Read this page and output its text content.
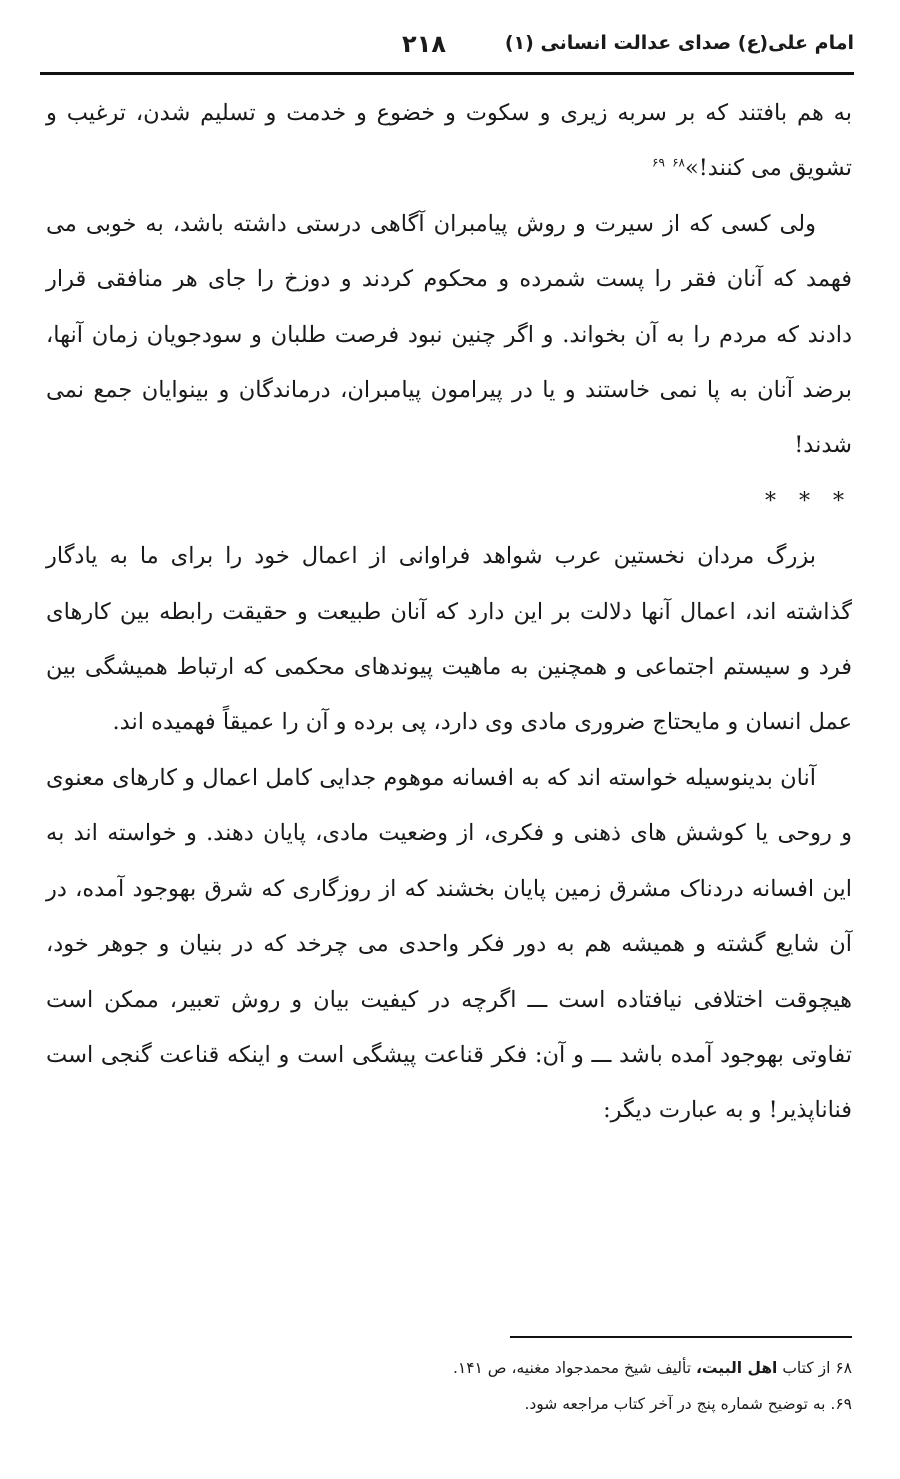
امام علی(ع) صدای عدالت انسانی (۱)
۲۱۸

به هم بافتند که بر سربه زیری و سکوت و خضوع و خدمت و تسلیم شدن، ترغیب و تشویق می کنند!»$^{۶۸}$ $^{۶۹}$

ولی کسی که از سیرت و روش پیامبران آگاهی درستی داشته باشد، به خوبی می فهمد که آنان فقر را پست شمرده و محکوم کردند و دوزخ را جای هر منافقی قرار دادند که مردم را به آن بخواند. و اگر چنین نبود فرصت طلبان و سودجویان زمان آنها، برضد آنان به پا نمی خاستند و یا در پیرامون پیامبران، درماندگان و بینوایان جمع نمی شدند!

* * *

بزرگ مردان نخستین عرب شواهد فراوانی از اعمال خود را برای ما به یادگار گذاشته اند، اعمال آنها دلالت بر این دارد که آنان طبیعت و حقیقت رابطه بین کارهای فرد و سیستم اجتماعی و همچنین به ماهیت پیوندهای محکمی که ارتباط همیشگی بین عمل انسان و مایحتاج ضروری مادی وی دارد، پی برده و آن را عمیقاً فهمیده اند.

آنان بدینوسیله خواسته اند که به افسانه موهوم جدایی کامل اعمال و کارهای معنوی و روحی یا کوشش های ذهنی و فکری، از وضعیت مادی، پایان دهند. و خواسته اند به این افسانه دردناک مشرق زمین پایان بخشند که از روزگاری که شرق بهوجود آمده، در آن شایع گشته و همیشه هم به دور فکر واحدی می چرخد که در بنیان و جوهر خود، هیچوقت اختلافی نیافتاده است ـــ اگرچه در کیفیت بیان و روش تعبیر، ممکن است تفاوتی بهوجود آمده باشد ـــ و آن: فکر قناعت پیشگی است و اینکه قناعت گنجی است فناناپذیر! و به عبارت دیگر:

۶۸ از کتاب اهل البیت، تألیف شیخ محمدجواد مغنیه، ص ۱۴۱.

۶۹. به توضیح شماره پنج در آخر کتاب مراجعه شود.
